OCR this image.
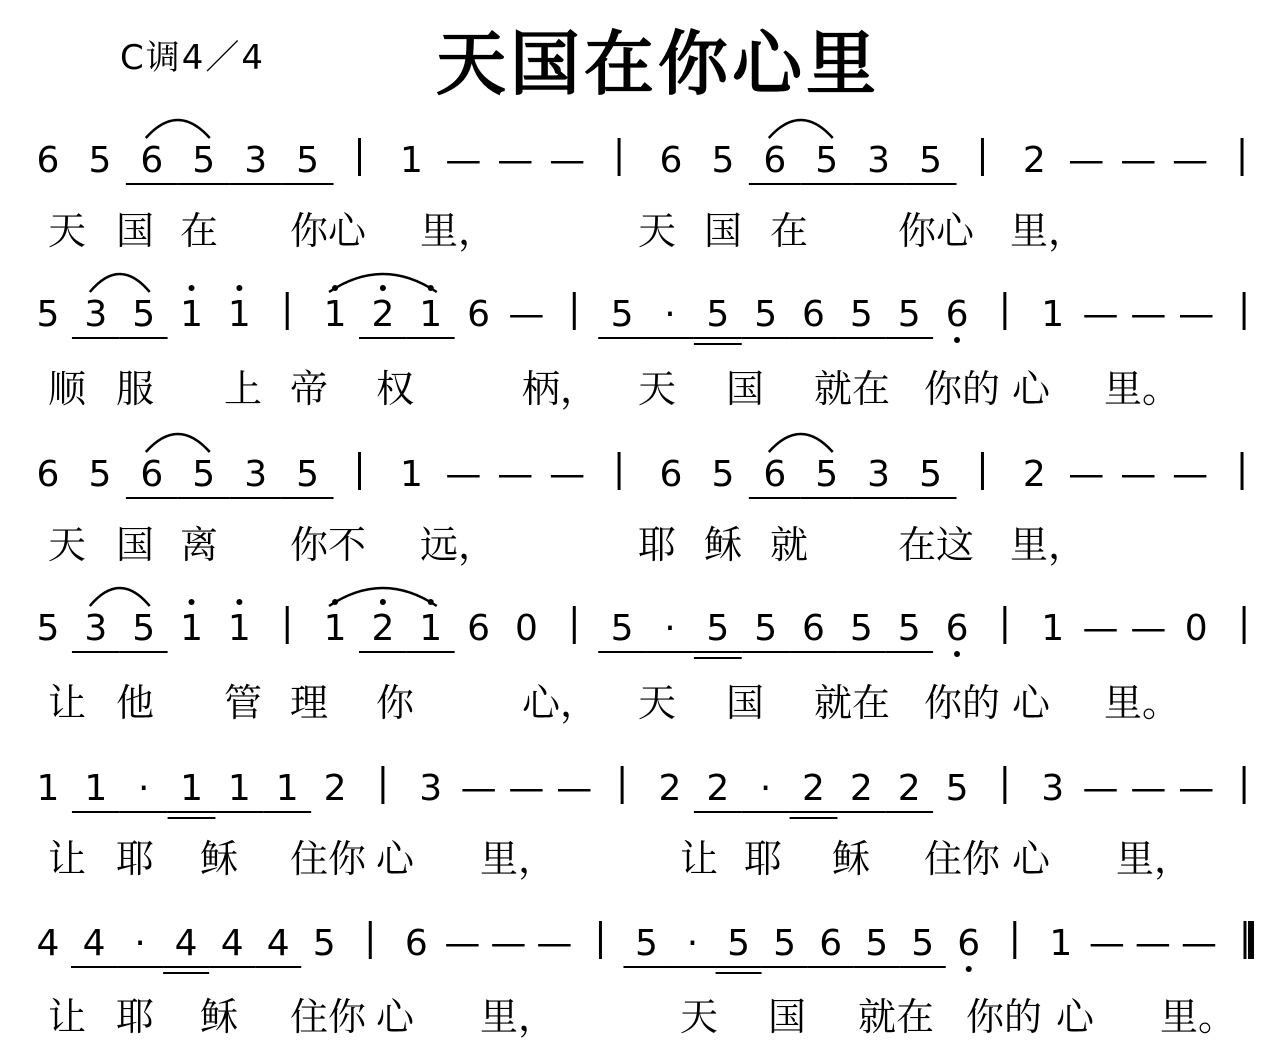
C调4／4 天国在你心里
6 5 6 5 3 5 1 — — — 6 5 6 5 3 5 2 — — —
天 国 在 你心 里，	天 国 在 你心 里，
5 3 5 1 1 1 2 1 6 — 5 · 5 5 6 5 5 6 1 — — —
顺 服 上 帝 权	柄， 天 国 就在 你的 心 里。
6 5 6 5 3 5 1 — — — 6 5 6 5 3 5 2 — — —
天 国 离 你不 远，	耶 稣 就 在这 里，
5 3 5 1 1 1 2 1 6 0 5 · 5 5 6 5 5 6 1 — — 0
让 他 管 理 你	心， 天 国 就在 你的 心 里。
1 1 · 1 1 1 2 3 — — — 2 2 · 2 2 2 5 3 — — —
让 耶 稣 住你 心 里，	让 耶 稣 住你 心 里，
4 4 · 4 4 4 5 6 — — — 5 · 5 5 6 5 5 6 1 — — —
让 耶 稣 住你 心 里，	天 国 就在 你的 心 里。
